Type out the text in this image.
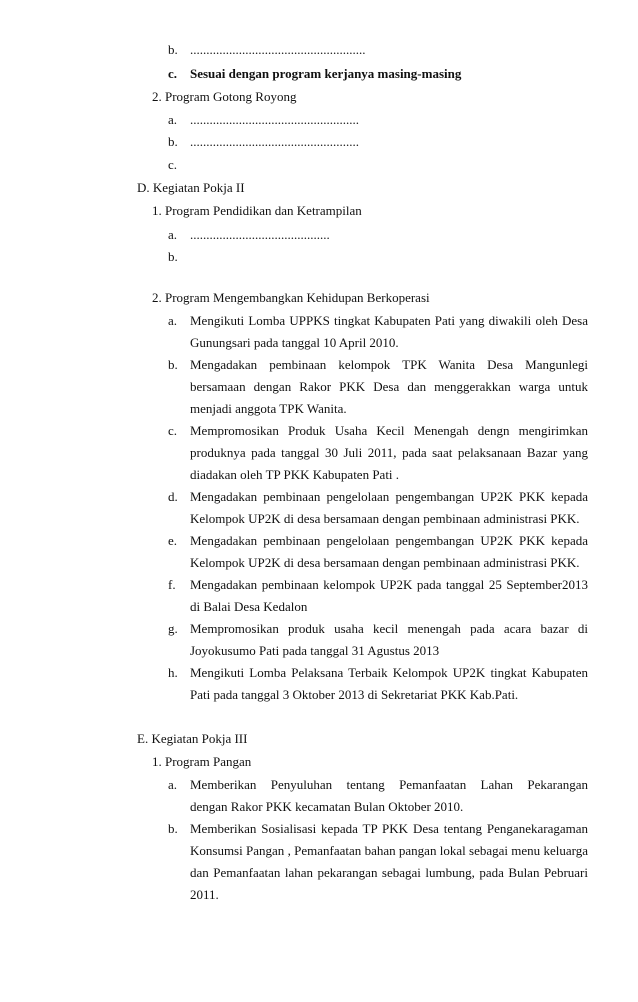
b. ......................................................
c. Sesuai dengan program kerjanya masing-masing
2. Program Gotong Royong
a. ....................................................
b. ....................................................
c.
D. Kegiatan Pokja II
1. Program Pendidikan dan Ketrampilan
a. ...........................................
b.
2. Program Mengembangkan Kehidupan Berkoperasi
a. Mengikuti Lomba UPPKS tingkat Kabupaten Pati yang diwakili oleh Desa
Gunungsari pada tanggal 10 April 2010.
b. Mengadakan pembinaan kelompok TPK Wanita Desa Mangunlegi
bersamaan dengan Rakor PKK Desa dan menggerakkan warga untuk
menjadi anggota TPK Wanita.
c. Mempromosikan Produk Usaha Kecil Menengah dengn mengirimkan
produknya pada tanggal 30 Juli 2011, pada saat pelaksanaan Bazar yang
diadakan oleh TP PKK Kabupaten Pati .
d. Mengadakan pembinaan pengelolaan pengembangan UP2K PKK kepada
Kelompok UP2K di desa bersamaan dengan pembinaan administrasi PKK.
e. Mengadakan pembinaan pengelolaan pengembangan UP2K PKK kepada
Kelompok UP2K di desa bersamaan dengan pembinaan administrasi PKK.
f. Mengadakan pembinaan kelompok UP2K pada tanggal 25 September2013
di Balai Desa Kedalon
g. Mempromosikan produk usaha kecil menengah pada acara bazar di
Joyokusumo Pati pada tanggal 31 Agustus 2013
h. Mengikuti Lomba Pelaksana Terbaik Kelompok UP2K tingkat Kabupaten
Pati pada tanggal 3 Oktober 2013 di Sekretariat PKK Kab.Pati.
E. Kegiatan Pokja III
1. Program Pangan
a. Memberikan Penyuluhan tentang Pemanfaatan Lahan Pekarangan
dengan Rakor PKK kecamatan Bulan Oktober 2010.
b. Memberikan Sosialisasi kepada TP PKK Desa tentang Penganekaragaman
Konsumsi Pangan , Pemanfaatan bahan pangan lokal sebagai menu keluarga
dan Pemanfaatan lahan pekarangan sebagai lumbung, pada Bulan Pebruari
2011.
